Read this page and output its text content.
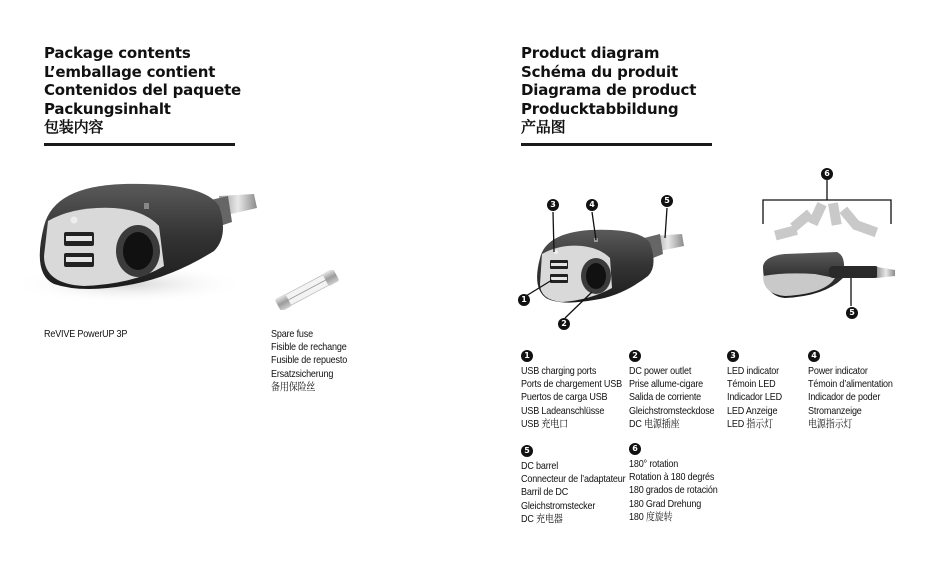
Package contents
L’emballage contient
Contenidos del paquete
Packungsinhalt
包装内容
ReVIVE PowerUP 3P	Spare fuse
Fisible de rechange
Fusible de repuesto
Ersatzsicherung
备用保险丝
Product diagram
Schéma du produit
Diagrama de product
Producktabbildung
产品图
3	4	5
1
2
6
5
1
USB charging ports
Ports de chargement USB
Puertos de carga USB
USB Ladeanschlüsse
USB 充电口
2
DC power outlet
Prise allume-cigare
Salida de corriente
Gleichstromsteckdose
DC 电源插座
3
LED indicator
Témoin LED
Indicador LED
LED Anzeige
LED 指示灯
4
Power indicator
Témoin d’alimentation
Indicador de poder
Stromanzeige
电源指示灯
5
DC barrel
Connecteur de l’adaptateur
Barril de DC
Gleichstromstecker
DC 充电器
6
180° rotation
Rotation à 180 degrés
180 grados de rotación
180 Grad Drehung
180 度旋转
